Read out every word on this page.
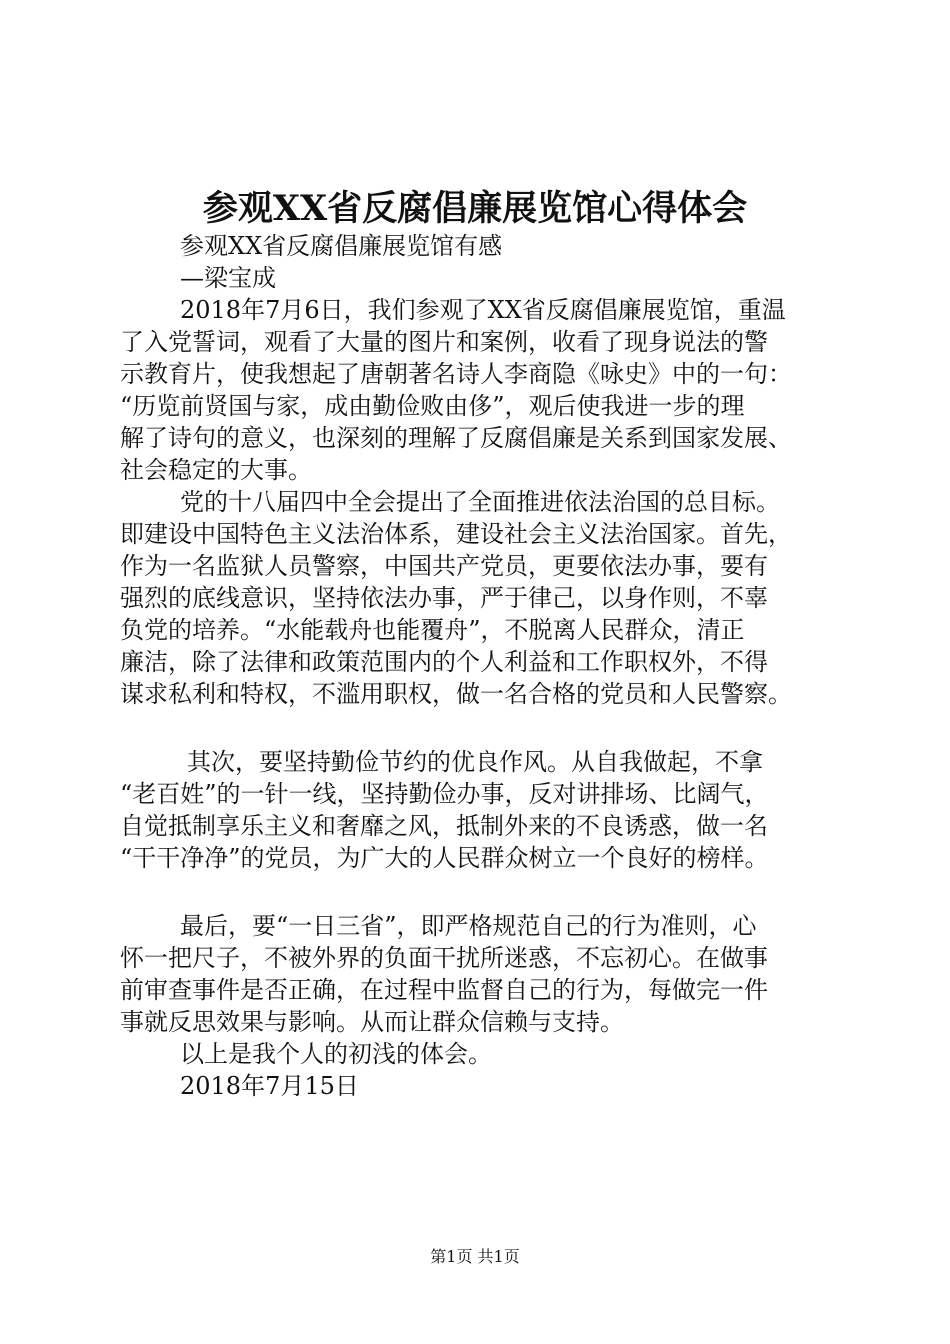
参观XX省反腐倡廉展览馆心得体会
参观XX省反腐倡廉展览馆有感
—梁宝成
2018年7月6日，我们参观了XX省反腐倡廉展览馆，重温
了入党誓词，观看了大量的图片和案例，收看了现身说法的警
示教育片，使我想起了唐朝著名诗人李商隐《咏史》中的一句：
“历览前贤国与家，成由勤俭败由侈”，观后使我进一步的理
解了诗句的意义，也深刻的理解了反腐倡廉是关系到国家发展、
社会稳定的大事。
党的十八届四中全会提出了全面推进依法治国的总目标。
即建设中国特色主义法治体系，建设社会主义法治国家。首先，
作为一名监狱人员警察，中国共产党员，更要依法办事，要有
强烈的底线意识，坚持依法办事，严于律己，以身作则，不辜
负党的培养。“水能载舟也能覆舟”，不脱离人民群众，清正
廉洁，除了法律和政策范围内的个人利益和工作职权外，不得
谋求私利和特权，不滥用职权，做一名合格的党员和人民警察。
其次，要坚持勤俭节约的优良作风。从自我做起，不拿
“老百姓”的一针一线，坚持勤俭办事，反对讲排场、比阔气，
自觉抵制享乐主义和奢靡之风，抵制外来的不良诱惑，做一名
“干干净净”的党员，为广大的人民群众树立一个良好的榜样。
最后，要“一日三省”，即严格规范自己的行为准则，心
怀一把尺子，不被外界的负面干扰所迷惑，不忘初心。在做事
前审查事件是否正确，在过程中监督自己的行为，每做完一件
事就反思效果与影响。从而让群众信赖与支持。
以上是我个人的初浅的体会。
2018年7月15日
第1页 共1页
